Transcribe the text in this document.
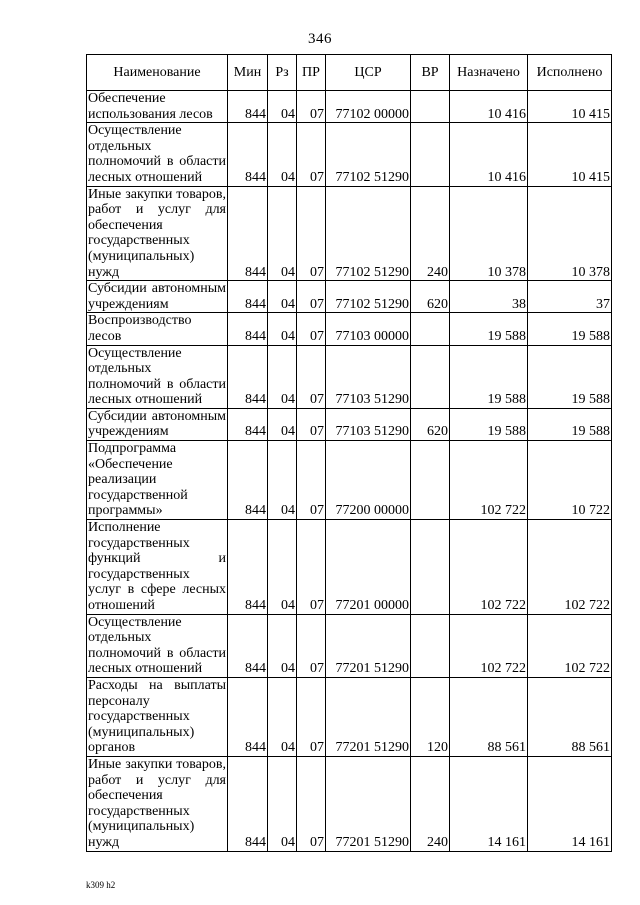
346
Наименование	Мин	Рз	ПР	ЦСР	ВР	Назначено	Исполнено
Обеспечение использования лесов	844	04	07	77102 00000		10 416	10 415
Осуществление отдельных полномочий в области лесных отношений	844	04	07	77102 51290		10 416	10 415
Иные закупки товаров, работ и услуг для обеспечения государственных (муниципальных) нужд	844	04	07	77102 51290	240	10 378	10 378
Субсидии автономным учреждениям	844	04	07	77102 51290	620	38	37
Воспроизводство лесов	844	04	07	77103 00000		19 588	19 588
Осуществление отдельных полномочий в области лесных отношений	844	04	07	77103 51290		19 588	19 588
Субсидии автономным учреждениям	844	04	07	77103 51290	620	19 588	19 588
Подпрограмма «Обеспечение реализации государственной программы»	844	04	07	77200 00000		102 722	10 722
Исполнение государственных функций и государственных услуг в сфере лесных отношений	844	04	07	77201 00000		102 722	102 722
Осуществление отдельных полномочий в области лесных отношений	844	04	07	77201 51290		102 722	102 722
Расходы на выплаты персоналу государственных (муниципальных) органов	844	04	07	77201 51290	120	88 561	88 561
Иные закупки товаров, работ и услуг для обеспечения государственных (муниципальных) нужд	844	04	07	77201 51290	240	14 161	14 161
k309 h2
